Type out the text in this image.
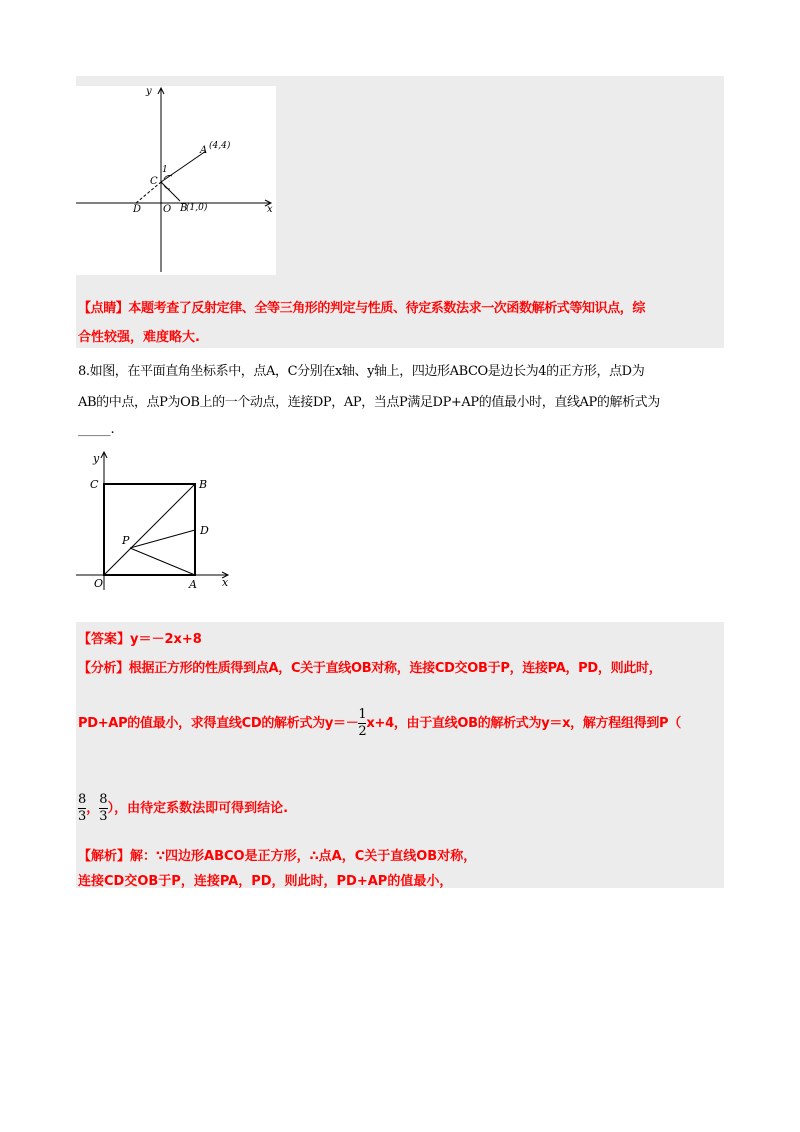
y
x
A (4,4)
C
1
D O B
(1,0)
【点睛】本题考查了反射定律、全等三角形的判定与性质、待定系数法求一次函数解析式等知识点，综
合性较强，难度略大.
8.如图，在平面直角坐标系中，点A，C分别在x轴、y轴上，四边形ABCO是边长为4的正方形，点D为
AB的中点，点P为OB上的一个动点，连接DP，AP，当点P满足DP+AP的值最小时，直线AP的解析式为
_____.
y
x
C	B
D
P
O	A
【答案】y＝－2x+8
【分析】根据正方形的性质得到点A，C关于直线OB对称，连接CD交OB于P，连接PA，PD，则此时，
PD+AP的值最小，求得直线CD的解析式为$y=- \frac{1}{2} x+4$，由于直线OB的解析式为y＝x，解方程组得到P（
$\frac{8}{3}$ ， $\frac{8}{3}$ ），由待定系数法即可得到结论.
【解析】解：∵四边形ABCO是正方形，∴点A，C关于直线OB对称，
连接CD交OB于P，连接PA，PD，则此时，PD+AP的值最小，
